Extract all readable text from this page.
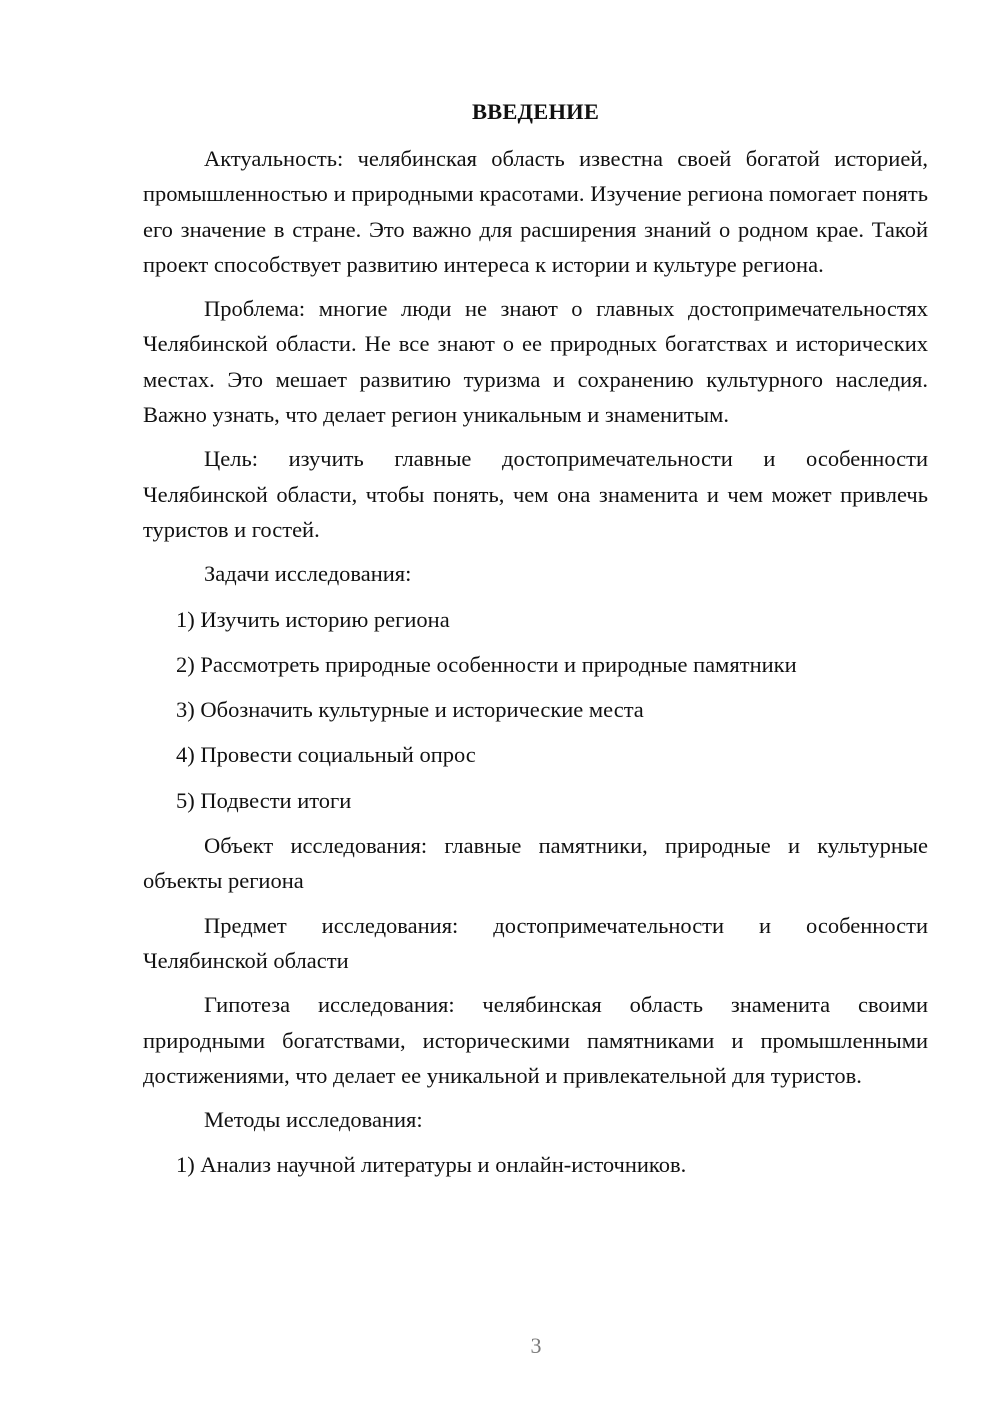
ВВЕДЕНИЕ

Актуальность: челябинская область известна своей богатой историей, промышленностью и природными красотами. Изучение региона помогает понять его значение в стране. Это важно для расширения знаний о родном крае. Такой проект способствует развитию интереса к истории и культуре региона.

Проблема: многие люди не знают о главных достопримечательностях Челябинской области. Не все знают о ее природных богатствах и исторических местах. Это мешает развитию туризма и сохранению культурного наследия. Важно узнать, что делает регион уникальным и знаменитым.

Цель: изучить главные достопримечательности и особенности Челябинской области, чтобы понять, чем она знаменита и чем может привлечь туристов и гостей.

Задачи исследования:

1) Изучить историю региона
2) Рассмотреть природные особенности и природные памятники
3) Обозначить культурные и исторические места
4) Провести социальный опрос
5) Подвести итоги

Объект исследования: главные памятники, природные и культурные объекты региона

Предмет исследования: достопримечательности и особенности Челябинской области

Гипотеза исследования: челябинская область знаменита своими природными богатствами, историческими памятниками и промышленными достижениями, что делает ее уникальной и привлекательной для туристов.

Методы исследования:

1) Анализ научной литературы и онлайн-источников.
3
